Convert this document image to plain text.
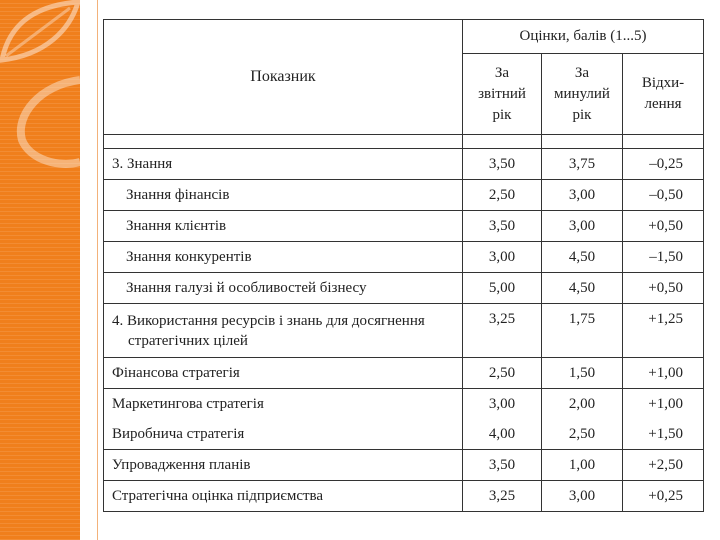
Показник	Оцінки, балів (1...5)		

	За
звітний
рік	За
минулий
рік	Відхи-
лення

3. Знання	3,50	3,75	–0,25
Знання фінансів	2,50	3,00	–0,50
Знання клієнтів	3,50	3,00	+0,50
Знання конкурентів	3,00	4,50	–1,50
Знання галузі й особливостей бізнесу	5,00	4,50	+0,50
4. Використання ресурсів і знань для досягнення
стратегічних цілей	3,25	1,75	+1,25
Фінансова стратегія	2,50	1,50	+1,00
Маркетингова стратегія	3,00	2,00	+1,00
Виробнича стратегія	4,00	2,50	+1,50
Упровадження планів	3,50	1,00	+2,50
Стратегічна оцінка підприємства	3,25	3,00	+0,25
